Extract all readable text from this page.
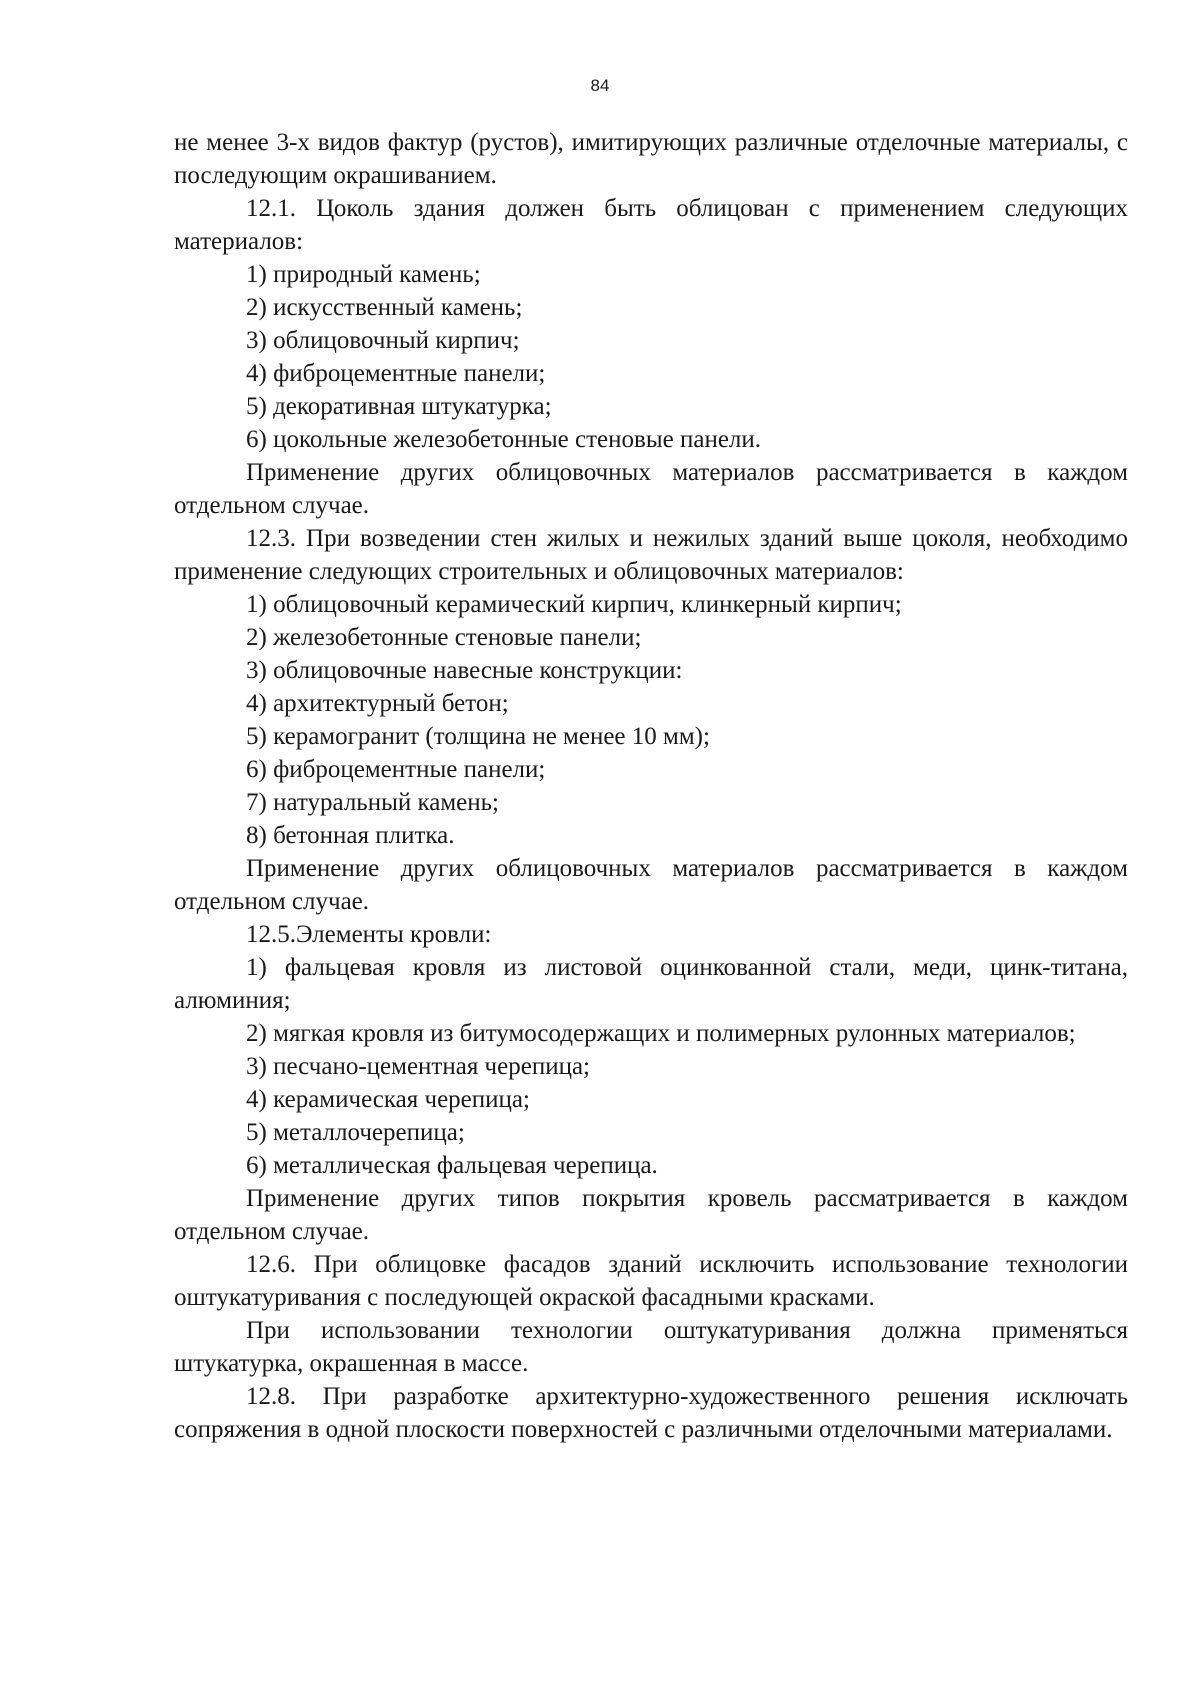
84

не менее 3-х видов фактур (рустов), имитирующих различные отделочные материалы, с последующим окрашиванием.

12.1. Цоколь здания должен быть облицован с применением следующих материалов:

1) природный камень;

2) искусственный камень;

3) облицовочный кирпич;

4) фиброцементные панели;

5) декоративная штукатурка;

6) цокольные железобетонные стеновые панели.

Применение других облицовочных материалов рассматривается в каждом отдельном случае.

12.3. При возведении стен жилых и нежилых зданий выше цоколя, необходимо применение следующих строительных и облицовочных материалов:

1) облицовочный керамический кирпич, клинкерный кирпич;

2) железобетонные стеновые панели;

3) облицовочные навесные конструкции:

4) архитектурный бетон;

5) керамогранит (толщина не менее 10 мм);

6) фиброцементные панели;

7) натуральный камень;

8) бетонная плитка.

Применение других облицовочных материалов рассматривается в каждом отдельном случае.

12.5.Элементы кровли:

1) фальцевая кровля из листовой оцинкованной стали, меди, цинк-титана, алюминия;

2) мягкая кровля из битумосодержащих и полимерных рулонных материалов;

3) песчано-цементная черепица;

4) керамическая черепица;

5) металлочерепица;

6) металлическая фальцевая черепица.

Применение других типов покрытия кровель рассматривается в каждом отдельном случае.

12.6. При облицовке фасадов зданий исключить использование технологии оштукатуривания с последующей окраской фасадными красками.

При использовании технологии оштукатуривания должна применяться штукатурка, окрашенная в массе.

12.8. При разработке архитектурно-художественного решения исключать сопряжения в одной плоскости поверхностей с различными отделочными материалами.
